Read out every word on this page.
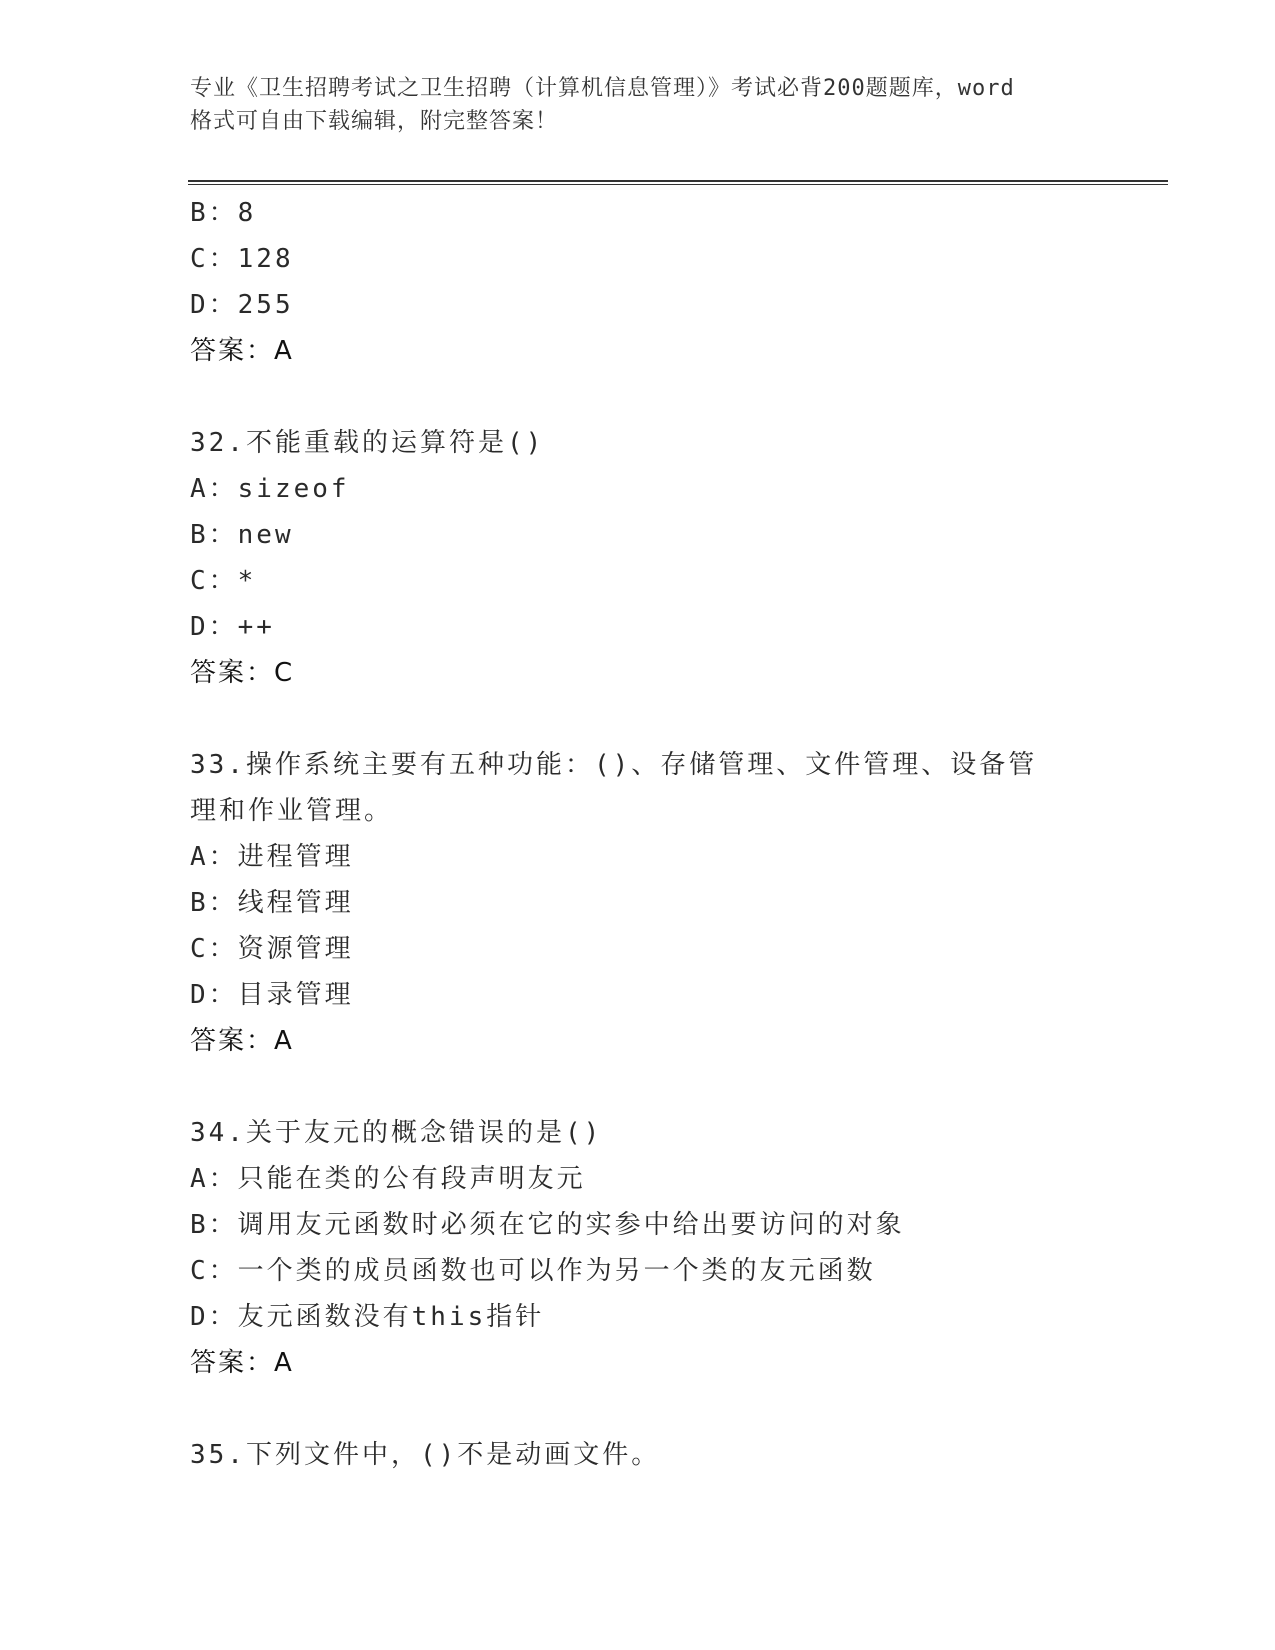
专业《卫生招聘考试之卫生招聘（计算机信息管理）》考试必背200题题库，word
格式可自由下载编辑，附完整答案！
B：8
C：128
D：255
答案：A
32.不能重载的运算符是()
A：sizeof
B：new
C：*
D：++
答案：C
33.操作系统主要有五种功能：()、存储管理、文件管理、设备管理和作业管理。
A：进程管理
B：线程管理
C：资源管理
D：目录管理
答案：A
34.关于友元的概念错误的是()
A：只能在类的公有段声明友元
B：调用友元函数时必须在它的实参中给出要访问的对象
C：一个类的成员函数也可以作为另一个类的友元函数
D：友元函数没有this指针
答案：A
35.下列文件中，()不是动画文件。
